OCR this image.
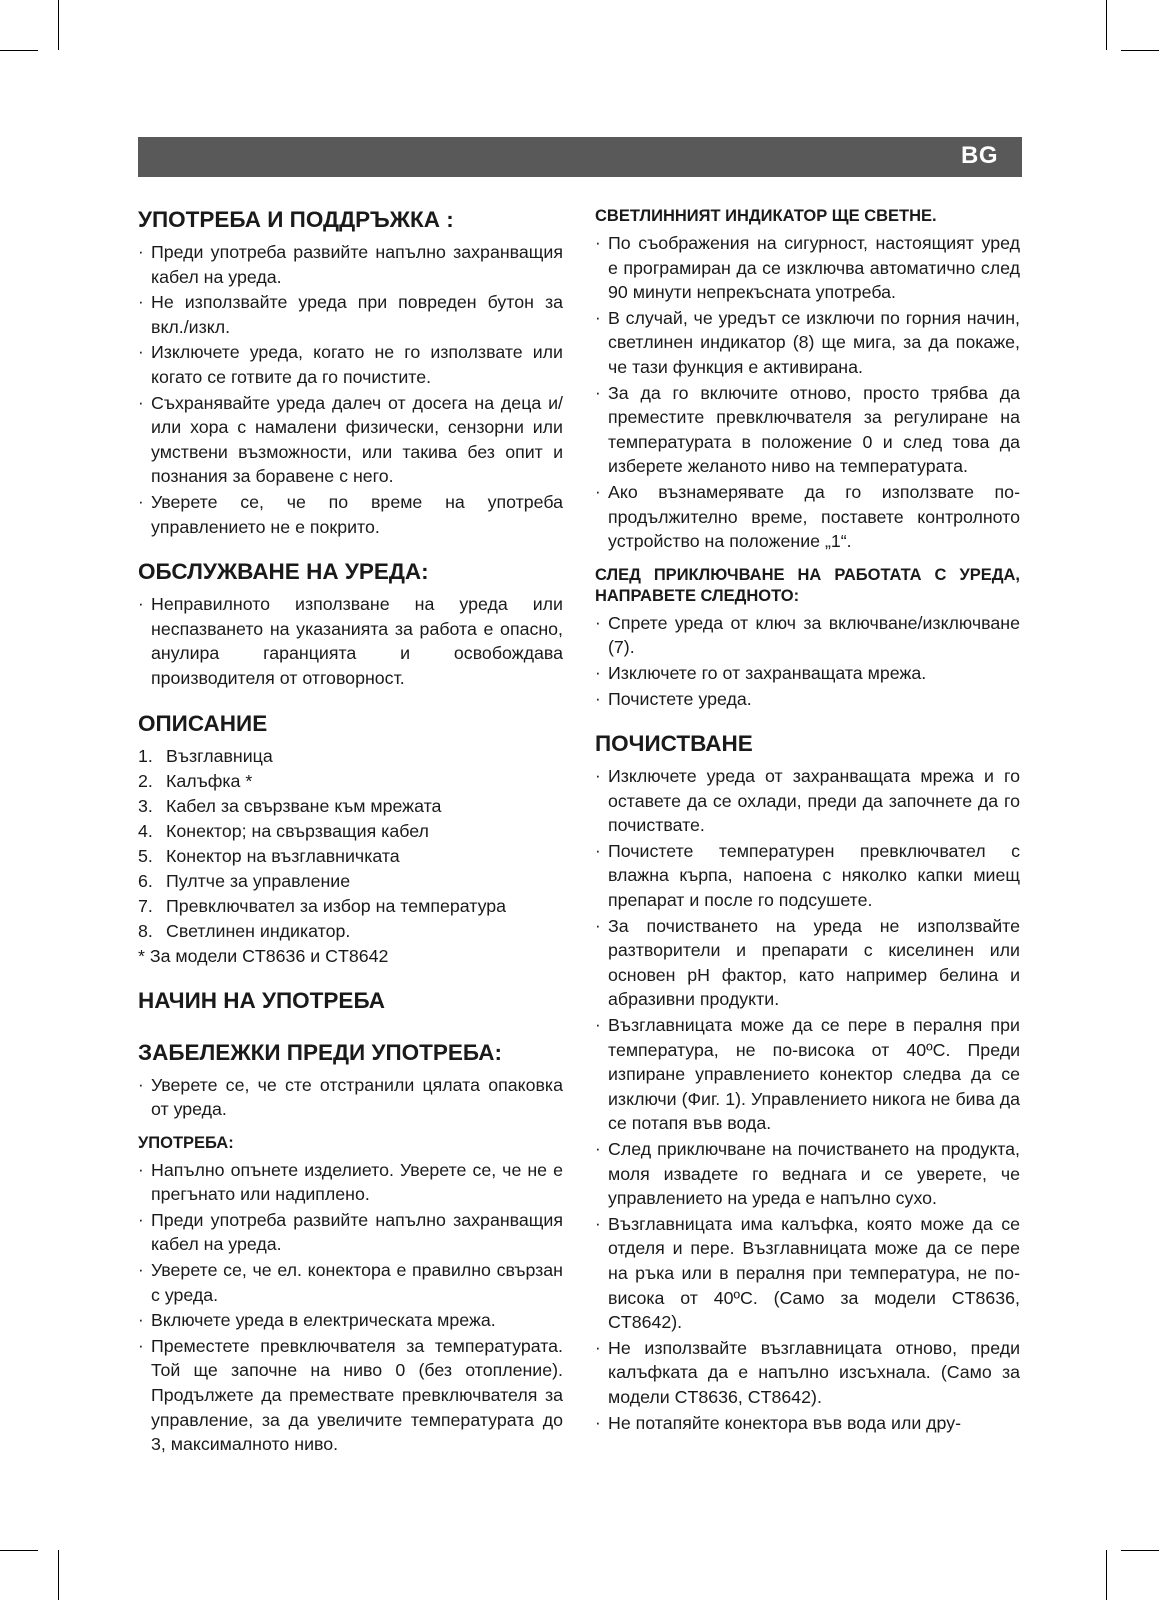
BG
УПОТРЕБА И ПОДДРЪЖКА :
· Преди употреба развийте напълно захранващия кабел на уреда.
· Не използвайте уреда при повреден бутон за вкл./изкл.
· Изключете уреда, когато не го използвате или когато се готвите да го почистите.
· Съхранявайте уреда далеч от досега на деца и/или хора с намалени физически, сензорни или умствени възможности, или такива без опит и познания за боравене с него.
· Уверете се, че по време на употреба управлението не е покрито.
ОБСЛУЖВАНЕ НА УРЕДА:
· Неправилното използване на уреда или неспазването на указанията за работа е опасно, анулира гаранцията и освобождава производителя от отговорност.
ОПИСАНИЕ
1. Възглавница
2. Калъфка *
3. Кабел за свързване към мрежата
4. Конектор; на свързващия кабел
5. Конектор на възглавничката
6. Пултче за управление
7. Превключвател за избор на температура
8. Светлинен индикатор.
* За модели CT8636 и CT8642
НАЧИН НА УПОТРЕБА
ЗАБЕЛЕЖКИ ПРЕДИ УПОТРЕБА:
· Уверете се, че сте отстранили цялата опаковка от уреда.
УПОТРЕБА:
· Напълно опънете изделието. Уверете се, че не е прегънато или надиплено.
· Преди употреба развийте напълно захранващия кабел на уреда.
· Уверете се, че ел. конектора е правилно свързан с уреда.
· Включете уреда в електрическата мрежа.
· Преместете превключвателя за температурата. Той ще започне на ниво 0 (без отопление). Продължете да премествате превключвателя за управление, за да увеличите температурата до 3, максималното ниво.
СВЕТЛИННИЯТ ИНДИКАТОР ЩЕ СВЕТНЕ.
· По съображения на сигурност, настоящият уред е програмиран да се изключва автоматично след 90 минути непрекъсната употреба.
· В случай, че уредът се изключи по горния начин, светлинен индикатор (8) ще мига, за да покаже, че тази функция е активирана.
· За да го включите отново, просто трябва да преместите превключвателя за регулиране на температурата в положение 0 и след това да изберете желаното ниво на температурата.
· Ако възнамерявате да го използвате по-продължително време, поставете контролното устройство на положение „1“.
СЛЕД ПРИКЛЮЧВАНЕ НА РАБОТАТА С УРЕДА, НАПРАВЕТЕ СЛЕДНОТО:
· Спрете уреда от ключ за включване/изключване (7).
· Изключете го от захранващата мрежа.
· Почистете уреда.
ПОЧИСТВАНЕ
· Изключете уреда от захранващата мрежа и го оставете да се охлади, преди да започнете да го почиствате.
· Почистете температурен превключвател с влажна кърпа, напоена с няколко капки миещ препарат и после го подсушете.
· За почистването на уреда не използвайте разтворители и препарати с киселинен или основен pH фактор, като например белина и абразивни продукти.
· Възглавницата може да се пере в пералня при температура, не по-висока от 40ºC. Преди изпиране управлението конектор следва да се изключи (Фиг. 1). Управлението никога не бива да се потапя във вода.
· След приключване на почистването на продукта, моля извадете го веднага и се уверете, че управлението на уреда е напълно сухо.
· Възглавницата има калъфка, която може да се отделя и пере. Възглавницата може да се пере на ръка или в пералня при температура, не по-висока от 40ºC. (Само за модели CT8636, CT8642).
· Не използвайте възглавницата отново, преди калъфката да е напълно изсъхнала. (Само за модели CT8636, CT8642).
· Не потапяйте конектора във вода или дру-
